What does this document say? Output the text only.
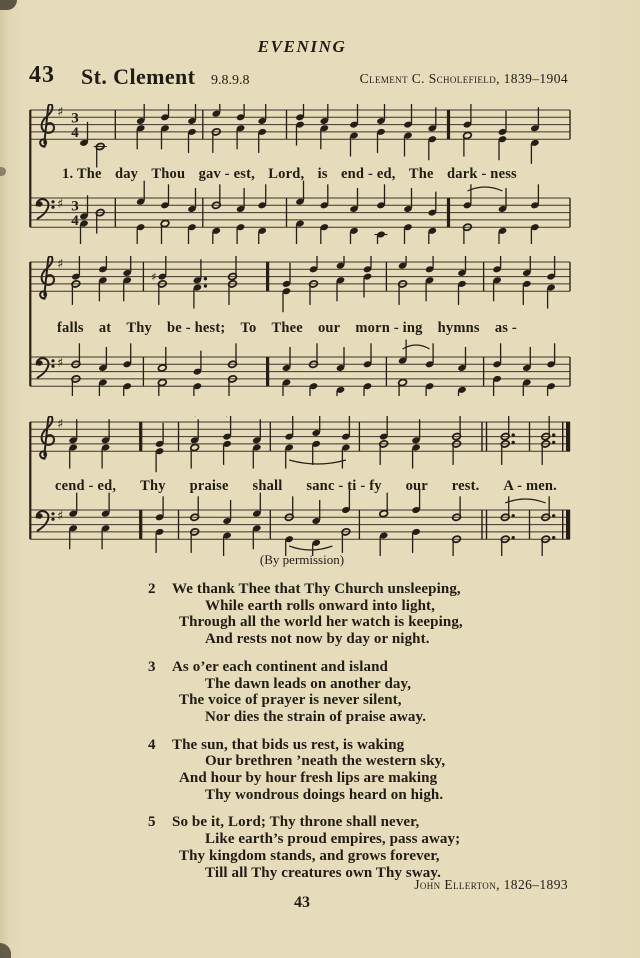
EVENING
43 St. Clement 9.8.9.8	Clement C. Scholefield, 1839–1904
♯
♯
3
4
3
4
1. The day Thou gav - est, Lord, is end - ed, The dark - ness
♯
♯
♯
falls at Thy be - hest; To Thee our morn - ing hymns as -
♯
♯
cend - ed, Thy praise shall sanc - ti - fy our rest. A - men.
(By permission)
2 We thank Thee that Thy Church unsleeping,
While earth rolls onward into light,
Through all the world her watch is keeping,
And rests not now by day or night.
3 As o’er each continent and island
The dawn leads on another day,
The voice of prayer is never silent,
Nor dies the strain of praise away.
4 The sun, that bids us rest, is waking
Our brethren ’neath the western sky,
And hour by hour fresh lips are making
Thy wondrous doings heard on high.
5 So be it, Lord; Thy throne shall never,
Like earth’s proud empires, pass away;
Thy kingdom stands, and grows forever,
Till all Thy creatures own Thy sway.
John Ellerton, 1826–1893
43
